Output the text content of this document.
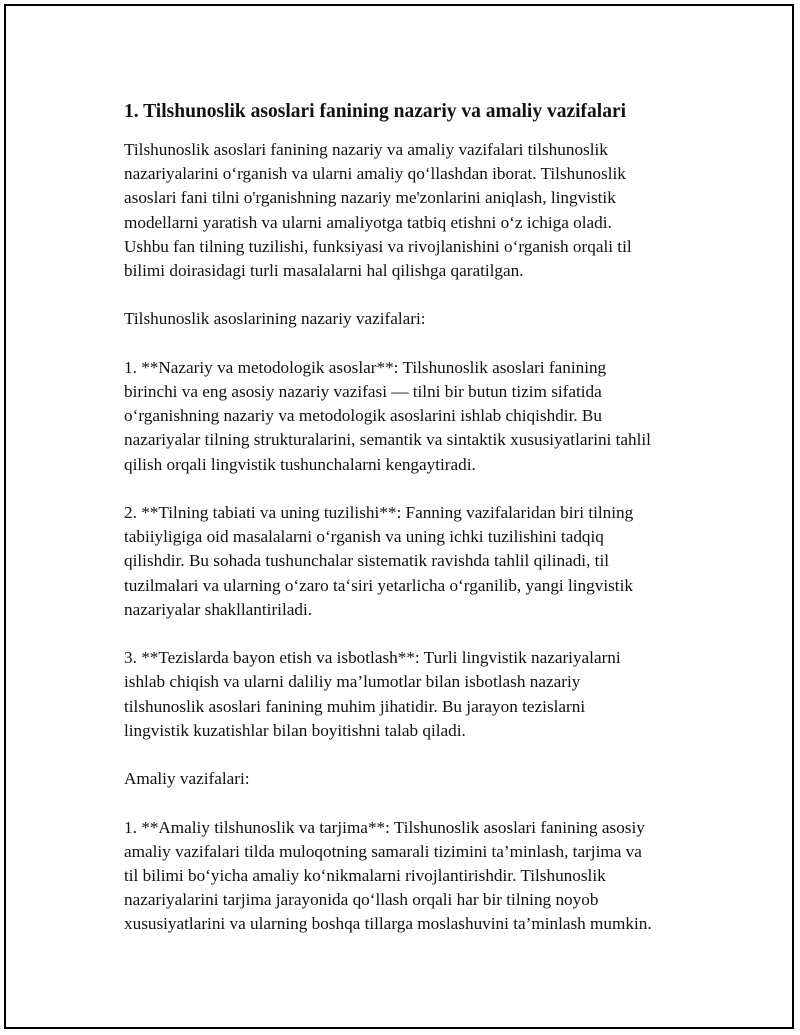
1. Tilshunoslik asoslari fanining nazariy va amaliy vazifalari

Tilshunoslik asoslari fanining nazariy va amaliy vazifalari tilshunoslik
nazariyalarini o‘rganish va ularni amaliy qo‘llashdan iborat. Tilshunoslik
asoslari fani tilni o'rganishning nazariy me'zonlarini aniqlash, lingvistik
modellarni yaratish va ularni amaliyotga tatbiq etishni o‘z ichiga oladi.
Ushbu fan tilning tuzilishi, funksiyasi va rivojlanishini o‘rganish orqali til
bilimi doirasidagi turli masalalarni hal qilishga qaratilgan.

Tilshunoslik asoslarining nazariy vazifalari:

1. **Nazariy va metodologik asoslar**: Tilshunoslik asoslari fanining
birinchi va eng asosiy nazariy vazifasi — tilni bir butun tizim sifatida
o‘rganishning nazariy va metodologik asoslarini ishlab chiqishdir. Bu
nazariyalar tilning strukturalarini, semantik va sintaktik xususiyatlarini tahlil
qilish orqali lingvistik tushunchalarni kengaytiradi.

2. **Tilning tabiati va uning tuzilishi**: Fanning vazifalaridan biri tilning
tabiiyligiga oid masalalarni o‘rganish va uning ichki tuzilishini tadqiq
qilishdir. Bu sohada tushunchalar sistematik ravishda tahlil qilinadi, til
tuzilmalari va ularning o‘zaro ta‘siri yetarlicha o‘rganilib, yangi lingvistik
nazariyalar shakllantiriladi.

3. **Tezislarda bayon etish va isbotlash**: Turli lingvistik nazariyalarni
ishlab chiqish va ularni daliliy ma’lumotlar bilan isbotlash nazariy
tilshunoslik asoslari fanining muhim jihatidir. Bu jarayon tezislarni
lingvistik kuzatishlar bilan boyitishni talab qiladi.

Amaliy vazifalari:

1. **Amaliy tilshunoslik va tarjima**: Tilshunoslik asoslari fanining asosiy
amaliy vazifalari tilda muloqotning samarali tizimini ta’minlash, tarjima va
til bilimi bo‘yicha amaliy ko‘nikmalarni rivojlantirishdir. Tilshunoslik
nazariyalarini tarjima jarayonida qo‘llash orqali har bir tilning noyob
xususiyatlarini va ularning boshqa tillarga moslashuvini ta’minlash mumkin.
